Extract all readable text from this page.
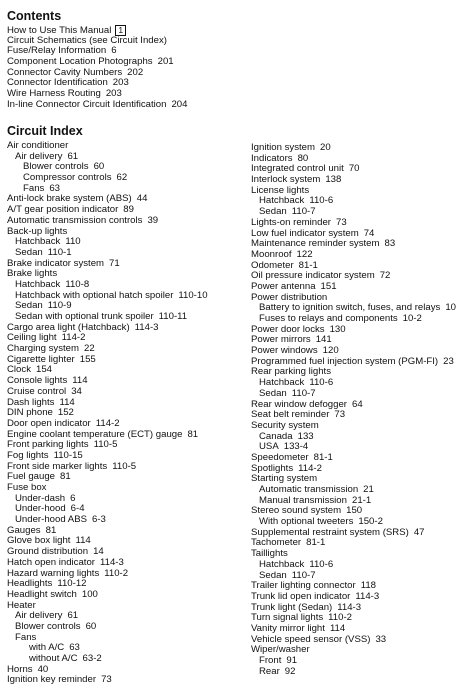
Contents
How to Use This Manual 1
Circuit Schematics (see Circuit Index)
Fuse/Relay Information 6
Component Location Photographs 201
Connector Cavity Numbers 202
Connector Identification 203
Wire Harness Routing 203
In-line Connector Circuit Identification 204
Circuit Index
Air conditioner
Air delivery 61
Blower controls 60
Compressor controls 62
Fans 63
Anti-lock brake system (ABS) 44
A/T gear position indicator 89
Automatic transmission controls 39
Back-up lights
Hatchback 110
Sedan 110-1
Brake indicator system 71
Brake lights
Hatchback 110-8
Hatchback with optional hatch spoiler 110-10
Sedan 110-9
Sedan with optional trunk spoiler 110-11
Cargo area light (Hatchback) 114-3
Ceiling light 114-2
Charging system 22
Cigarette lighter 155
Clock 154
Console lights 114
Cruise control 34
Dash lights 114
DIN phone 152
Door open indicator 114-2
Engine coolant temperature (ECT) gauge 81
Front parking lights 110-5
Fog lights 110-15
Front side marker lights 110-5
Fuel gauge 81
Fuse box
Under-dash 6
Under-hood 6-4
Under-hood ABS 6-3
Gauges 81
Glove box light 114
Ground distribution 14
Hatch open indicator 114-3
Hazard warning lights 110-2
Headlights 110-12
Headlight switch 100
Heater
Air delivery 61
Blower controls 60
Fans
with A/C 63
without A/C 63-2
Horns 40
Ignition key reminder 73
Ignition system 20
Indicators 80
Integrated control unit 70
Interlock system 138
License lights
Hatchback 110-6
Sedan 110-7
Lights-on reminder 73
Low fuel indicator system 74
Maintenance reminder system 83
Moonroof 122
Odometer 81-1
Oil pressure indicator system 72
Power antenna 151
Power distribution
Battery to ignition switch, fuses, and relays 10
Fuses to relays and components 10-2
Power door locks 130
Power mirrors 141
Power windows 120
Programmed fuel injection system (PGM-FI) 23
Rear parking lights
Hatchback 110-6
Sedan 110-7
Rear window defogger 64
Seat belt reminder 73
Security system
Canada 133
USA 133-4
Speedometer 81-1
Spotlights 114-2
Starting system
Automatic transmission 21
Manual transmission 21-1
Stereo sound system 150
With optional tweeters 150-2
Supplemental restraint system (SRS) 47
Tachometer 81-1
Taillights
Hatchback 110-6
Sedan 110-7
Trailer lighting connector 118
Trunk lid open indicator 114-3
Trunk light (Sedan) 114-3
Turn signal lights 110-2
Vanity mirror light 114
Vehicle speed sensor (VSS) 33
Wiper/washer
Front 91
Rear 92
